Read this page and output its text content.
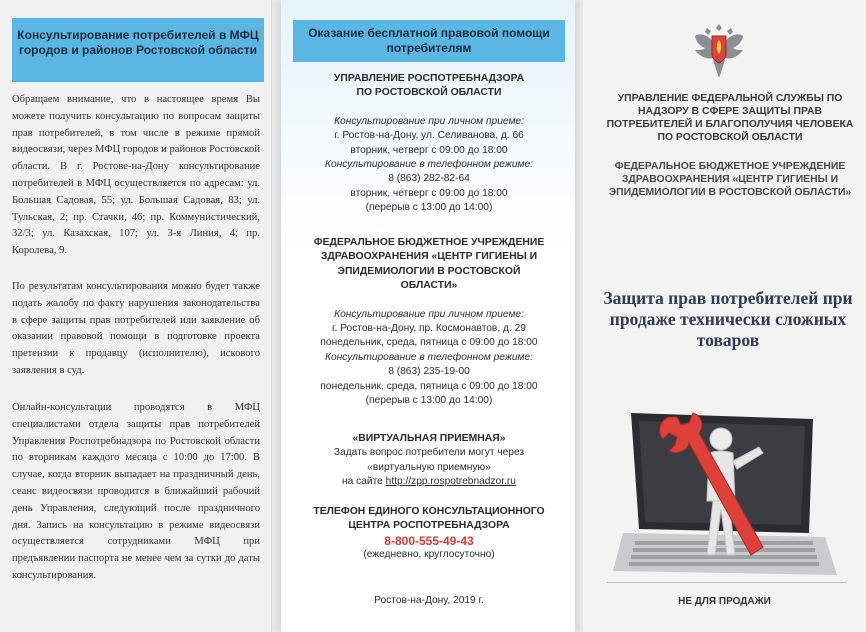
Консультирование потребителей в МФЦ городов и районов Ростовской области
Обращаем внимание, что в настоящее время Вы можете получить консультацию по вопросам защиты прав потребителей, в том числе в режиме прямой видеосвязи, через МФЦ городов и районов Ростовской области. В г. Ростове-на-Дону консультирование потребителей в МФЦ осуществляется по адресам: ул. Большая Садовая, 55; ул. Большая Садовая, 83; ул. Тульская, 2; пр. Стачки, 46; пр. Коммунистический, 32/3; ул. Казахская, 107; ул. 3-я Линия, 4; пр. Королева, 9.
По результатам консультирования можно будет также подать жалобу по факту нарушения законодательства в сфере защиты прав потребителей или заявление об оказании правовой помощи в подготовке проекта претензии к продавцу (исполнителю), искового заявления в суд.
Онлайн-консультации проводятся в МФЦ специалистами отдела защиты прав потребителей Управления Роспотребнадзора по Ростовской области по вторникам каждого месяца с 10:00 до 17:00. В случае, когда вторник выпадает на праздничный день, сеанс видеосвязи проводится в ближайший рабочий день Управления, следующий после праздничного дня. Запись на консультацию в режиме видеосвязи осуществляется сотрудниками МФЦ при предъявлении паспорта не менее чем за сутки до даты консультирования.
Оказание бесплатной правовой помощи потребителям
УПРАВЛЕНИЕ РОСПОТРЕБНАДЗОРА ПО РОСТОВСКОЙ ОБЛАСТИ
Консультирование при личном приеме:
г. Ростов-на-Дону, ул. Селиванова, д. 66
вторник, четверг с 09:00 до 18:00
Консультирование в телефонном режиме:
8 (863) 282-82-64
вторник, четверг с 09:00 до 18:00
(перерыв с 13:00 до 14:00)
ФЕДЕРАЛЬНОЕ БЮДЖЕТНОЕ УЧРЕЖДЕНИЕ ЗДРАВООХРАНЕНИЯ «ЦЕНТР ГИГИЕНЫ И ЭПИДЕМИОЛОГИИ В РОСТОВСКОЙ ОБЛАСТИ»
Консультирование при личном приеме:
г. Ростов-на-Дону, пр. Космонавтов, д. 29
понедельник, среда, пятница с 09:00 до 18:00
Консультирование в телефонном режиме:
8 (863) 235-19-00
понедельник, среда, пятница с 09:00 до 18:00
(перерыв с 13:00 до 14:00)
«ВИРТУАЛЬНАЯ ПРИЕМНАЯ»
Задать вопрос потребители могут через
«виртуальную приемную»
на сайте http://zpp.rospotrebnadzor.ru
ТЕЛЕФОН ЕДИНОГО КОНСУЛЬТАЦИОННОГО ЦЕНТРА РОСПОТРЕБНАДЗОРА
8-800-555-49-43
(ежедневно, круглосуточно)
Ростов-на-Дону, 2019 г.
УПРАВЛЕНИЕ ФЕДЕРАЛЬНОЙ СЛУЖБЫ ПО НАДЗОРУ В СФЕРЕ ЗАЩИТЫ ПРАВ ПОТРЕБИТЕЛЕЙ И БЛАГОПОЛУЧИЯ ЧЕЛОВЕКА ПО РОСТОВСКОЙ ОБЛАСТИ
ФЕДЕРАЛЬНОЕ БЮДЖЕТНОЕ УЧРЕЖДЕНИЕ ЗДРАВООХРАНЕНИЯ «ЦЕНТР ГИГИЕНЫ И ЭПИДЕМИОЛОГИИ В РОСТОВСКОЙ ОБЛАСТИ»
Защита прав потребителей при продаже технически сложных товаров
НЕ ДЛЯ ПРОДАЖИ
